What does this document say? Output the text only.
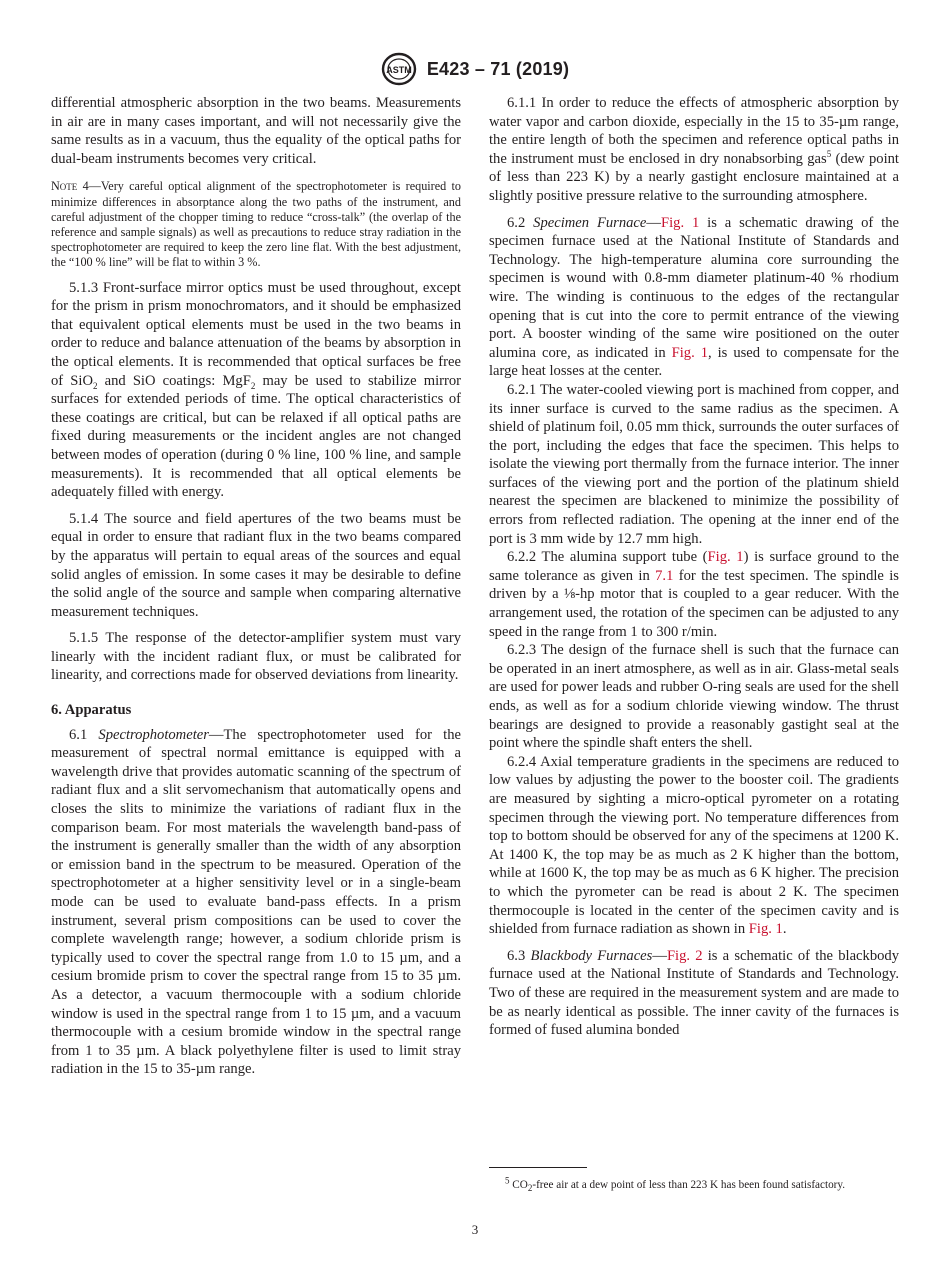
ASTM E423 – 71 (2019)

differential atmospheric absorption in the two beams. Measurements in air are in many cases important, and will not necessarily give the same results as in a vacuum, thus the equality of the optical paths for dual-beam instruments becomes very critical.

Note 4—Very careful optical alignment of the spectrophotometer is required to minimize differences in absorptance along the two paths of the instrument, and careful adjustment of the chopper timing to reduce “cross-talk” (the overlap of the reference and sample signals) as well as precautions to reduce stray radiation in the spectrophotometer are required to keep the zero line flat. With the best adjustment, the “100 % line” will be flat to within 3 %.

5.1.3 Front-surface mirror optics must be used throughout, except for the prism in prism monochromators, and it should be emphasized that equivalent optical elements must be used in the two beams in order to reduce and balance attenuation of the beams by absorption in the optical elements. It is recommended that optical surfaces be free of SiO$_2$ and SiO coatings: MgF$_2$ may be used to stabilize mirror surfaces for extended periods of time. The optical characteristics of these coatings are critical, but can be relaxed if all optical paths are fixed during measurements or the incident angles are not changed between modes of operation (during 0 % line, 100 % line, and sample measurements). It is recommended that all optical elements be adequately filled with energy.

5.1.4 The source and field apertures of the two beams must be equal in order to ensure that radiant flux in the two beams compared by the apparatus will pertain to equal areas of the sources and equal solid angles of emission. In some cases it may be desirable to define the solid angle of the source and sample when comparing alternative measurement techniques.

5.1.5 The response of the detector-amplifier system must vary linearly with the incident radiant flux, or must be calibrated for linearity, and corrections made for observed deviations from linearity.

6. Apparatus

6.1 Spectrophotometer—The spectrophotometer used for the measurement of spectral normal emittance is equipped with a wavelength drive that provides automatic scanning of the spectrum of radiant flux and a slit servomechanism that automatically opens and closes the slits to minimize the variations of radiant flux in the comparison beam. For most materials the wavelength band-pass of the instrument is generally smaller than the width of any absorption or emission band in the spectrum to be measured. Operation of the spectrophotometer at a higher sensitivity level or in a single-beam mode can be used to evaluate band-pass effects. In a prism instrument, several prism compositions can be used to cover the complete wavelength range; however, a sodium chloride prism is typically used to cover the spectral range from 1.0 to 15 µm, and a cesium bromide prism to cover the spectral range from 15 to 35 µm. As a detector, a vacuum thermocouple with a sodium chloride window is used in the spectral range from 1 to 15 µm, and a vacuum thermocouple with a cesium bromide window in the spectral range from 1 to 35 µm. A black polyethylene filter is used to limit stray radiation in the 15 to 35-µm range.

6.1.1 In order to reduce the effects of atmospheric absorption by water vapor and carbon dioxide, especially in the 15 to 35-µm range, the entire length of both the specimen and reference optical paths in the instrument must be enclosed in dry nonabsorbing gas$^5$ (dew point of less than 223 K) by a nearly gastight enclosure maintained at a slightly positive pressure relative to the surrounding atmosphere.

6.2 Specimen Furnace—Fig. 1 is a schematic drawing of the specimen furnace used at the National Institute of Standards and Technology. The high-temperature alumina core surrounding the specimen is wound with 0.8-mm diameter platinum-40 % rhodium wire. The winding is continuous to the edges of the rectangular opening that is cut into the core to permit entrance of the viewing port. A booster winding of the same wire positioned on the outer alumina core, as indicated in Fig. 1, is used to compensate for the large heat losses at the center.

6.2.1 The water-cooled viewing port is machined from copper, and its inner surface is curved to the same radius as the specimen. A shield of platinum foil, 0.05 mm thick, surrounds the outer surfaces of the port, including the edges that face the specimen. This helps to isolate the viewing port thermally from the furnace interior. The inner surfaces of the viewing port and the portion of the platinum shield nearest the specimen are blackened to minimize the possibility of errors from reflected radiation. The opening at the inner end of the port is 3 mm wide by 12.7 mm high.

6.2.2 The alumina support tube (Fig. 1) is surface ground to the same tolerance as given in 7.1 for the test specimen. The spindle is driven by a ⅛-hp motor that is coupled to a gear reducer. With the arrangement used, the rotation of the specimen can be adjusted to any speed in the range from 1 to 300 r/min.

6.2.3 The design of the furnace shell is such that the furnace can be operated in an inert atmosphere, as well as in air. Glass-metal seals are used for power leads and rubber O-ring seals are used for the shell ends, as well as for a sodium chloride viewing window. The thrust bearings are designed to provide a reasonably gastight seal at the point where the spindle shaft enters the shell.

6.2.4 Axial temperature gradients in the specimens are reduced to low values by adjusting the power to the booster coil. The gradients are measured by sighting a micro-optical pyrometer on a rotating specimen through the viewing port. No temperature differences from top to bottom should be observed for any of the specimens at 1200 K. At 1400 K, the top may be as much as 2 K higher than the bottom, while at 1600 K, the top may be as much as 6 K higher. The precision to which the pyrometer can be read is about 2 K. The specimen thermocouple is located in the center of the specimen cavity and is shielded from furnace radiation as shown in Fig. 1.

6.3 Blackbody Furnaces—Fig. 2 is a schematic of the blackbody furnace used at the National Institute of Standards and Technology. Two of these are required in the measurement system and are made to be as nearly identical as possible. The inner cavity of the furnaces is formed of fused alumina bonded

$^5$ $CO_2$-free air at a dew point of less than 223 K has been found satisfactory.
3
